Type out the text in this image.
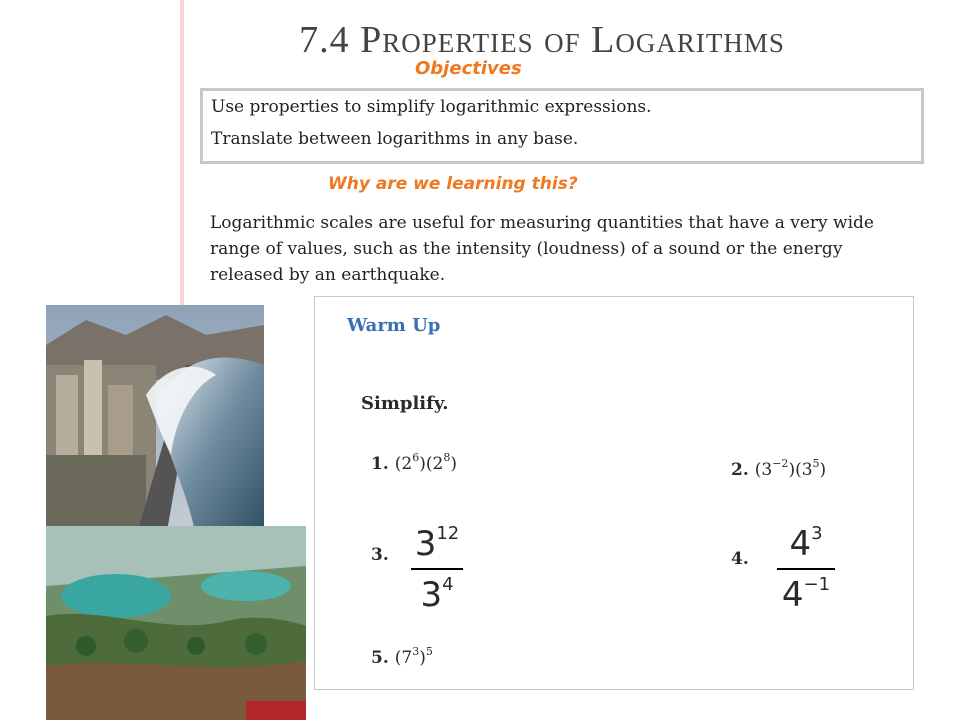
7.4 Properties of Logarithms
Objectives
Use properties to simplify logarithmic expressions.
Translate between logarithms in any base.
Why are we learning this?
Logarithmic scales are useful for measuring quantities that have a very wide range of values, such as the intensity (loudness) of a sound or the energy released by an earthquake.
Warm Up
Simplify.
1. $(2^6)(2^8)$	2. $(3^{-2})(3^5)$
3. $3^{12}$
$3^4$
4.	$4^3$
$4^{-1}$
5. $(7^3)^5$
